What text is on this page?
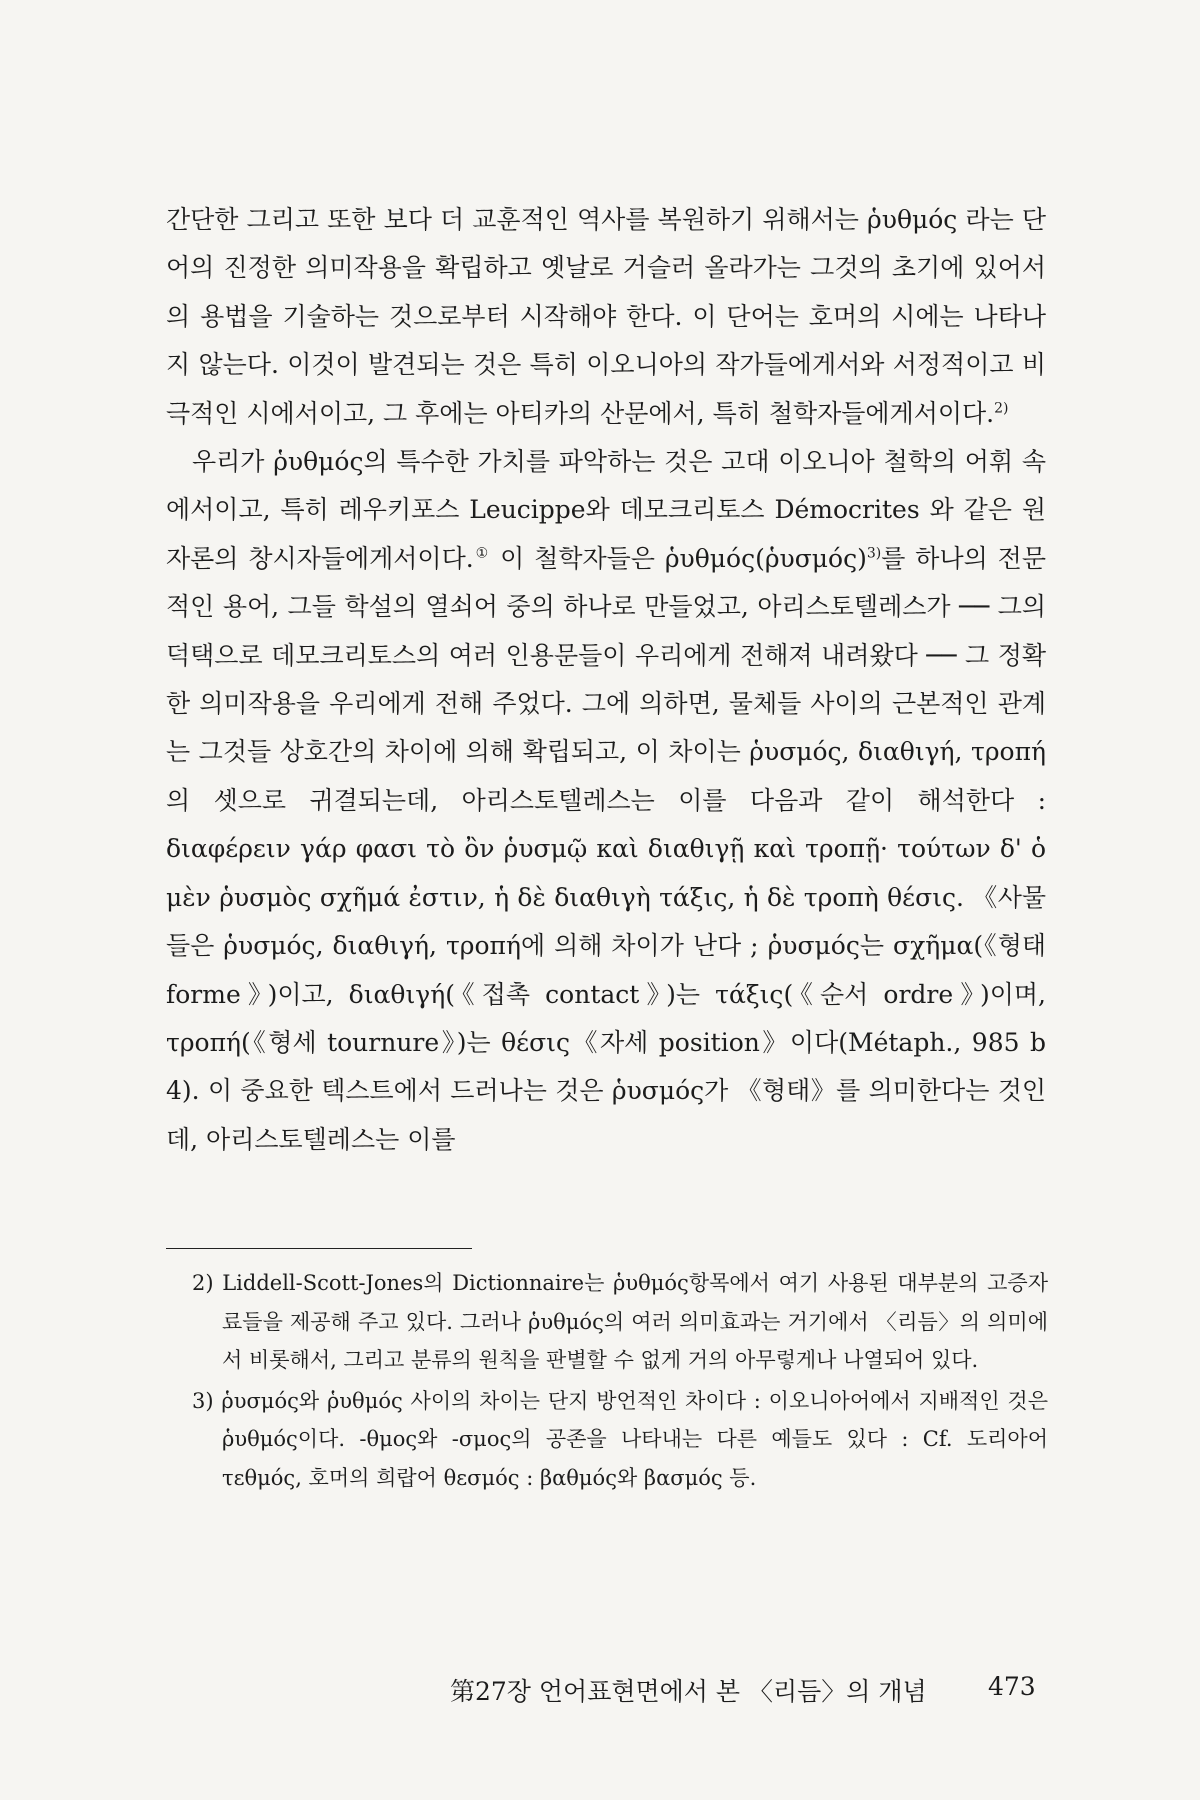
간단한 그리고 또한 보다 더 교훈적인 역사를 복원하기 위해서는 ῥυθμός 라는 단어의 진정한 의미작용을 확립하고 옛날로 거슬러 올라가는 그것의 초기에 있어서의 용법을 기술하는 것으로부터 시작해야 한다. 이 단어는 호머의 시에는 나타나지 않는다. 이것이 발견되는 것은 특히 이오니아의 작가들에게서와 서정적이고 비극적인 시에서이고, 그 후에는 아티카의 산문에서, 특히 철학자들에게서이다.$^{2)}$

우리가 ῥυθμός의 특수한 가치를 파악하는 것은 고대 이오니아 철학의 어휘 속에서이고, 특히 레우키포스 Leucippe와 데모크리토스 Démocrites 와 같은 원자론의 창시자들에게서이다.① 이 철학자들은 ῥυθμός(ῥυσμός)$^{3)}$를 하나의 전문적인 용어, 그들 학설의 열쇠어 중의 하나로 만들었고, 아리스토텔레스가 ── 그의 덕택으로 데모크리토스의 여러 인용문들이 우리에게 전해져 내려왔다 ── 그 정확한 의미작용을 우리에게 전해 주었다. 그에 의하면, 물체들 사이의 근본적인 관계는 그것들 상호간의 차이에 의해 확립되고, 이 차이는 ῥυσμός, διαθιγή, τροπή의 셋으로 귀결되는데, 아리스토텔레스는 이를 다음과 같이 해석한다 : διαφέρειν γάρ φασι τὸ ὂν ῥυσμῷ καὶ διαθιγῇ καὶ τροπῇ· τούτων δ' ὁ μὲν ῥυσμὸς σχῆμά ἐστιν, ἡ δὲ διαθιγὴ τάξις, ἡ δὲ τροπὴ θέσις. 《사물들은 ῥυσμός, διαθιγή, τροπή에 의해 차이가 난다 ; ῥυσμός는 σχῆμα(《형태 forme》)이고, διαθιγή(《접촉 contact》)는 τάξις(《순서 ordre》)이며, τροπή(《형세 tournure》)는 θέσις《자세 position》이다(Métaph., 985 b 4). 이 중요한 텍스트에서 드러나는 것은 ῥυσμός가 《형태》를 의미한다는 것인데, 아리스토텔레스는 이를

2) Liddell-Scott-Jones의 Dictionnaire는 ῥυθμός항목에서 여기 사용된 대부분의 고증자료들을 제공해 주고 있다. 그러나 ῥυθμός의 여러 의미효과는 거기에서 〈리듬〉의 의미에서 비롯해서, 그리고 분류의 원칙을 판별할 수 없게 거의 아무렇게나 나열되어 있다.

3) ῥυσμός와 ῥυθμός 사이의 차이는 단지 방언적인 차이다 : 이오니아어에서 지배적인 것은 ῥυθμός이다. -θμος와 -σμος의 공존을 나타내는 다른 예들도 있다 : Cf. 도리아어 τεθμός, 호머의 희랍어 θεσμός : βαθμός와 βασμός 등.

第27장 언어표현면에서 본 〈리듬〉의 개념 473
